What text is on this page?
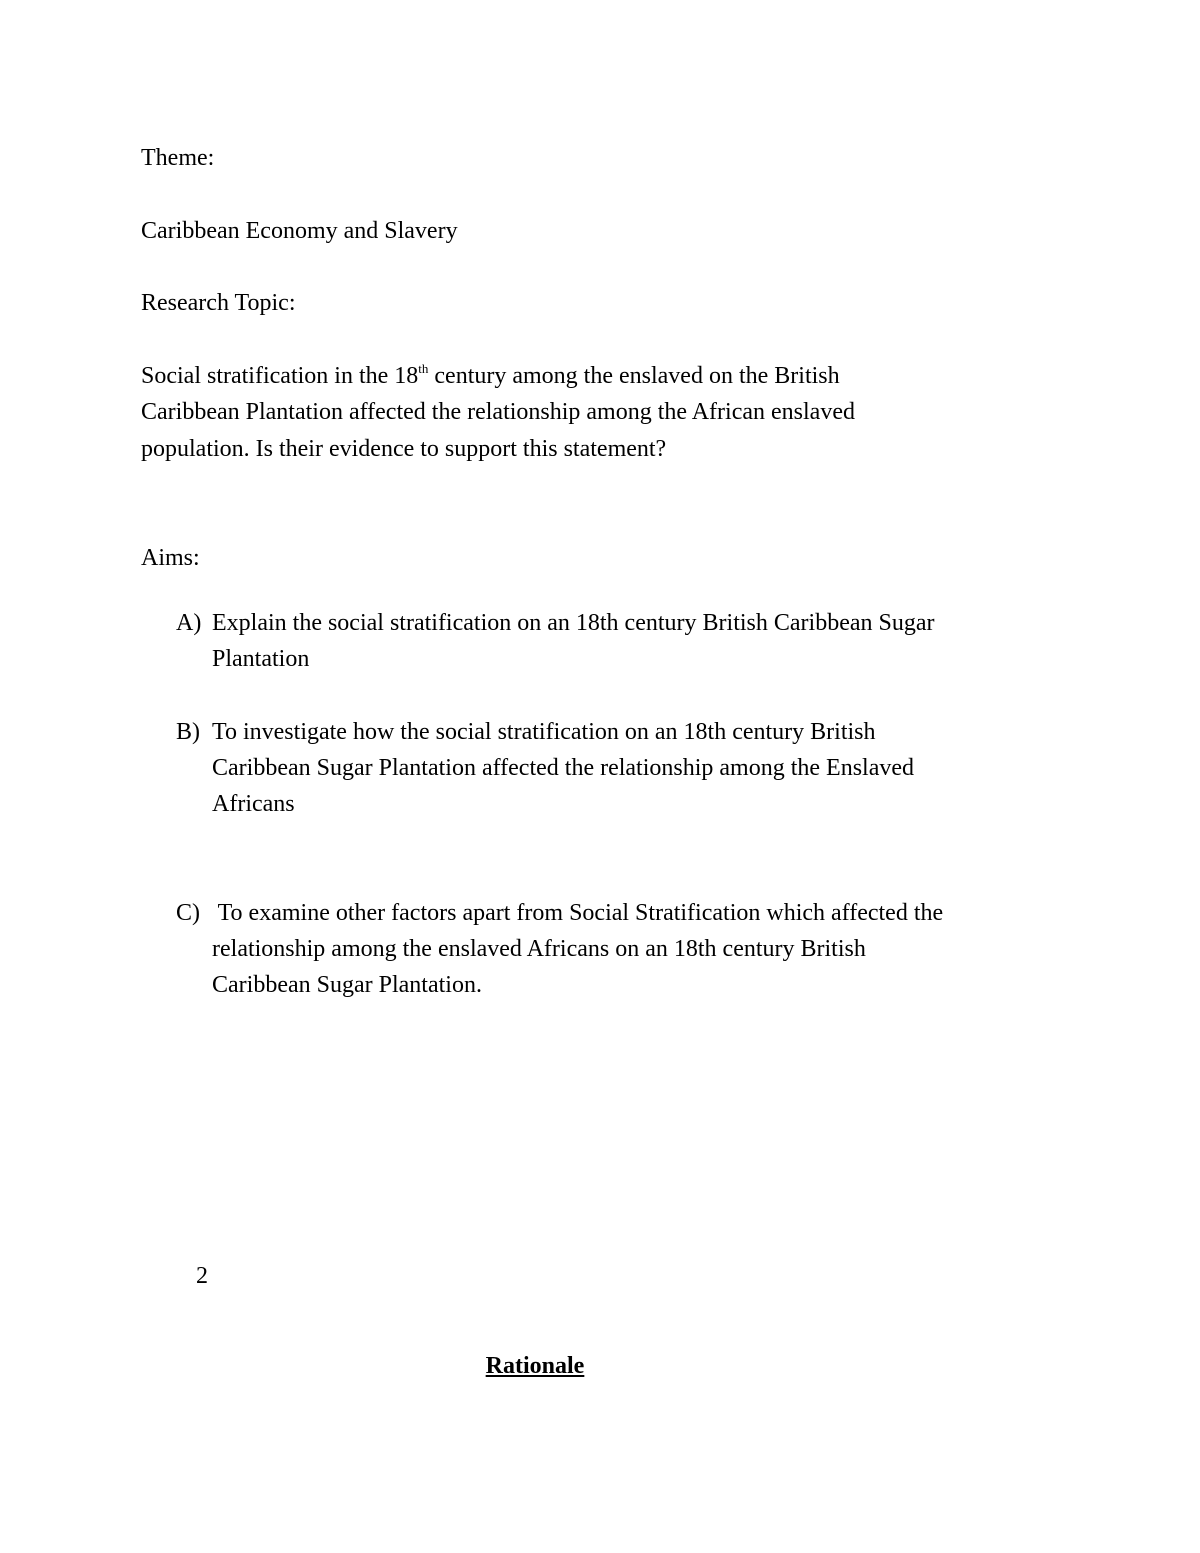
Theme:
Caribbean Economy and Slavery
Research Topic:
Social stratification in the 18th century among the enslaved on the British
Caribbean Plantation affected the relationship among the African enslaved
population. Is their evidence to support this statement?
Aims:
A) Explain the social stratification on an 18th century British Caribbean Sugar
Plantation
B) To investigate how the social stratification on an 18th century British
Caribbean Sugar Plantation affected the relationship among the Enslaved
Africans
C) To examine other factors apart from Social Stratification which affected the
relationship among the enslaved Africans on an 18th century British
Caribbean Sugar Plantation.
2
Rationale
